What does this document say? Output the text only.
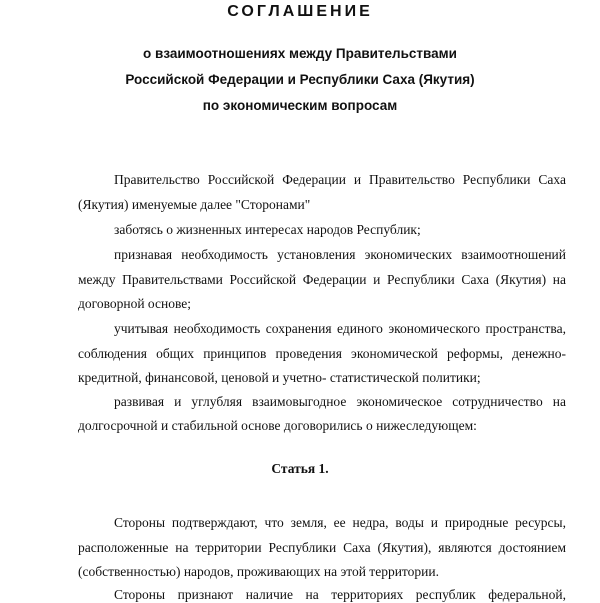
СОГЛАШЕНИЕ

о взаимоотношениях между Правительствами

Российской Федерации и Республики Саха (Якутия)

по экономическим вопросам

Правительство Российской Федерации и Правительство Республики Саха

(Якутия) именуемые далее "Сторонами"

заботясь о жизненных интересах народов Республик;

признавая необходимость установления экономических взаимоотношений

между Правительствами Российской Федерации и Республики Саха (Якутия) на

договорной основе;

учитывая необходимость сохранения единого экономического пространства,

соблюдения общих принципов проведения экономической реформы, денежно-

кредитной, финансовой, ценовой и учетно- статистической политики;

развивая и углубляя взаимовыгодное экономическое сотрудничество на

долгосрочной и стабильной основе договорились о нижеследующем:

Статья 1.

Стороны подтверждают, что земля, ее недра, воды и природные ресурсы,

расположенные на территории Республики Саха (Якутия), являются достоянием

(собственностью) народов, проживающих на этой территории.

Стороны признают наличие на территориях республик федеральной,
